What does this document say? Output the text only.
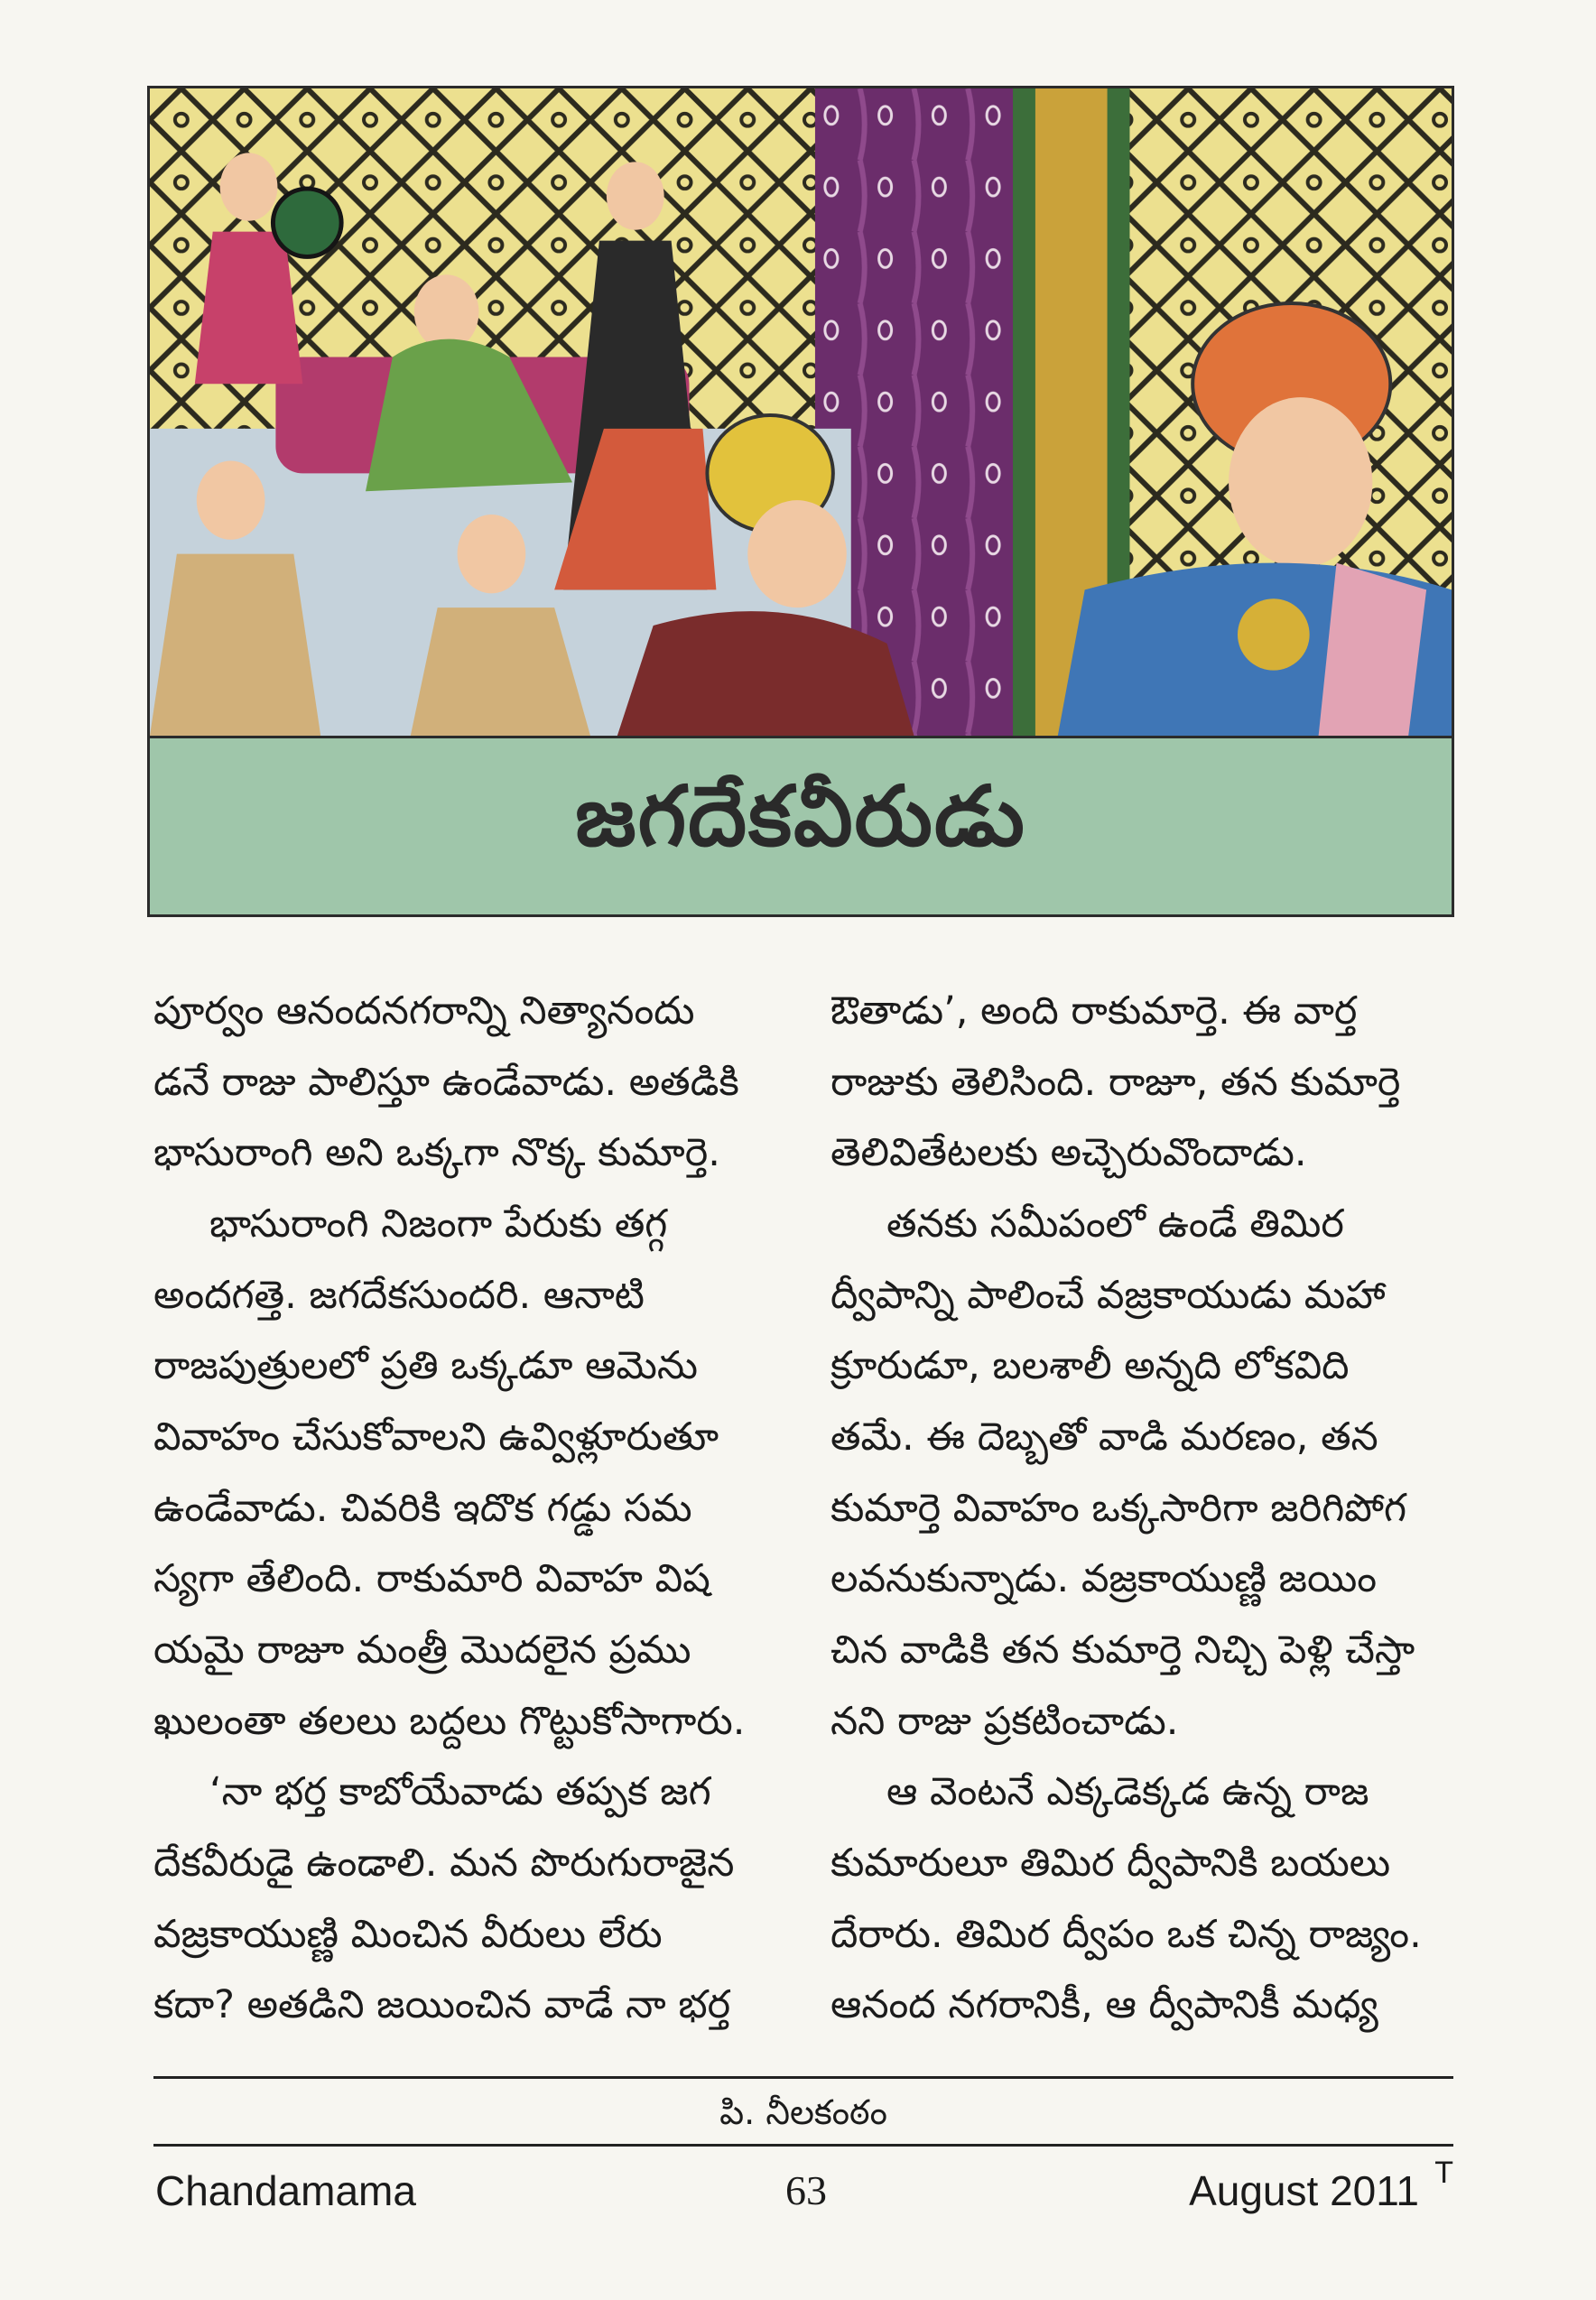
జగదేకవీరుడు
పూర్వం ఆనందనగరాన్ని నిత్యానందు
డనే రాజు పాలిస్తూ ఉండేవాడు. అతడికి
భాసురాంగి అని ఒక్కగా నొక్క కుమార్తె.
భాసురాంగి నిజంగా పేరుకు తగ్గ
అందగత్తె. జగదేకసుందరి. ఆనాటి
రాజపుత్రులలో ప్రతి ఒక్కడూ ఆమెను
వివాహం చేసుకోవాలని ఉవ్విళ్లూరుతూ
ఉండేవాడు. చివరికి ఇదొక గడ్డు సమ
స్యగా తేలింది. రాకుమారి వివాహ విష
యమై రాజూ మంత్రీ మొదలైన ప్రము
ఖులంతా తలలు బద్దలు గొట్టుకోసాగారు.
‘నా భర్త కాబోయేవాడు తప్పక జగ
దేకవీరుడై ఉండాలి. మన పొరుగురాజైన
వజ్రకాయుణ్ణి మించిన వీరులు లేరు
కదా? అతడిని జయించిన వాడే నా భర్త
ఔతాడు’, అంది రాకుమార్తె. ఈ వార్త
రాజుకు తెలిసింది. రాజూ, తన కుమార్తె
తెలివితేటలకు అచ్చెరువొందాడు.
తనకు సమీపంలో ఉండే తిమిర
ద్వీపాన్ని పాలించే వజ్రకాయుడు మహా
క్రూరుడూ, బలశాలీ అన్నది లోకవిది
తమే. ఈ దెబ్బతో వాడి మరణం, తన
కుమార్తె వివాహం ఒక్కసారిగా జరిగిపోగ
లవనుకున్నాడు. వజ్రకాయుణ్ణి జయిం
చిన వాడికి తన కుమార్తె నిచ్చి పెళ్లి చేస్తా
నని రాజు ప్రకటించాడు.
ఆ వెంటనే ఎక్కడెక్కడ ఉన్న రాజ
కుమారులూ తిమిర ద్వీపానికి బయలు
దేరారు. తిమిర ద్వీపం ఒక చిన్న రాజ్యం.
ఆనంద నగరానికీ, ఆ ద్వీపానికీ మధ్య
పి. నీలకంఠం
Chandamama	63	August 2011 T
